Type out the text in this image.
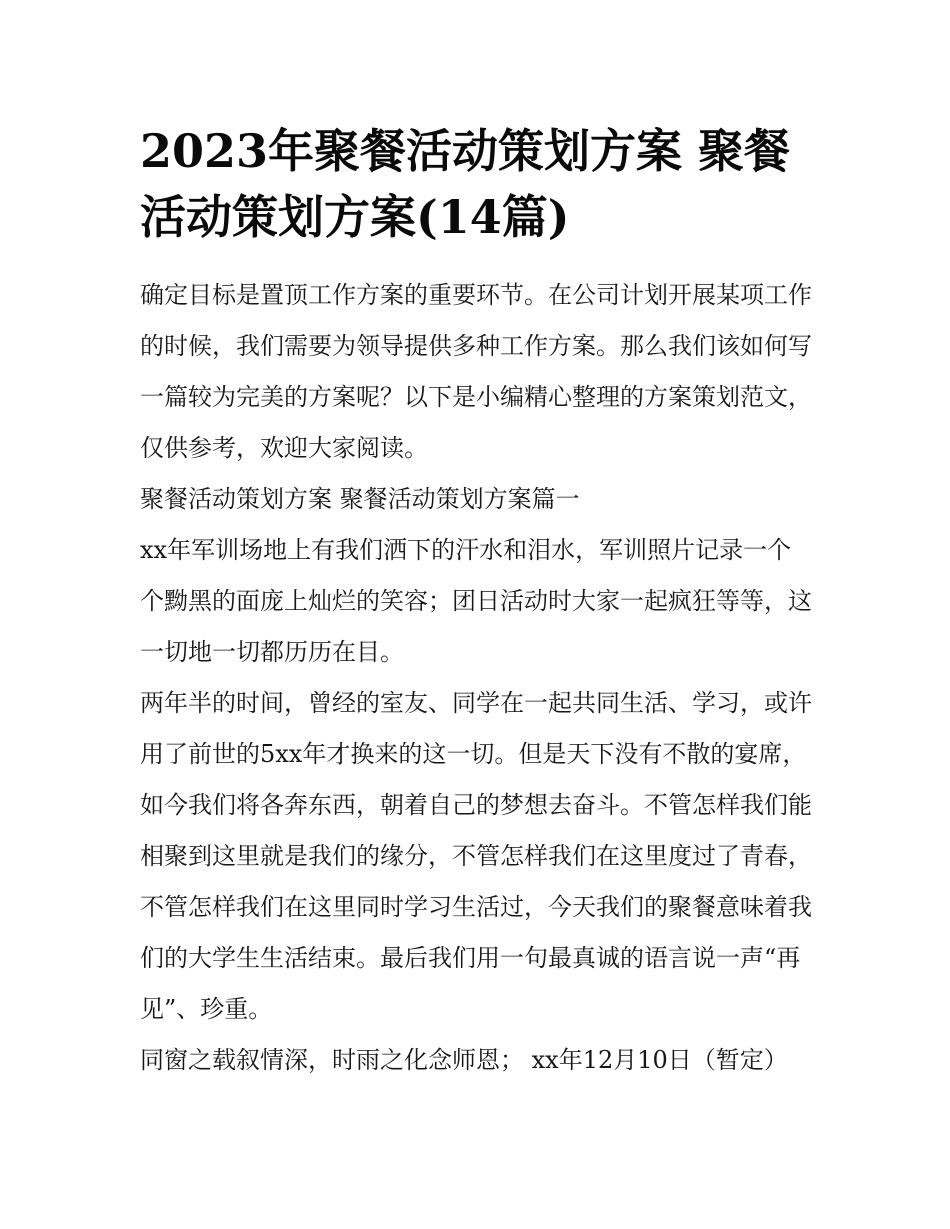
2023年聚餐活动策划方案 聚餐活动策划方案(14篇)

确定目标是置顶工作方案的重要环节。在公司计划开展某项工作的时候，我们需要为领导提供多种工作方案。那么我们该如何写一篇较为完美的方案呢？以下是小编精心整理的方案策划范文，仅供参考，欢迎大家阅读。

聚餐活动策划方案 聚餐活动策划方案篇一

xx年军训场地上有我们洒下的汗水和泪水，军训照片记录一个个黝黑的面庞上灿烂的笑容；团日活动时大家一起疯狂等等，这一切地一切都历历在目。

两年半的时间，曾经的室友、同学在一起共同生活、学习，或许用了前世的5xx年才换来的这一切。但是天下没有不散的宴席，如今我们将各奔东西，朝着自己的梦想去奋斗。不管怎样我们能相聚到这里就是我们的缘分，不管怎样我们在这里度过了青春，不管怎样我们在这里同时学习生活过，今天我们的聚餐意味着我们的大学生生活结束。最后我们用一句最真诚的语言说一声“再见”、珍重。

同窗之载叙情深，时雨之化念师恩； xx年12月10日（暂定）
